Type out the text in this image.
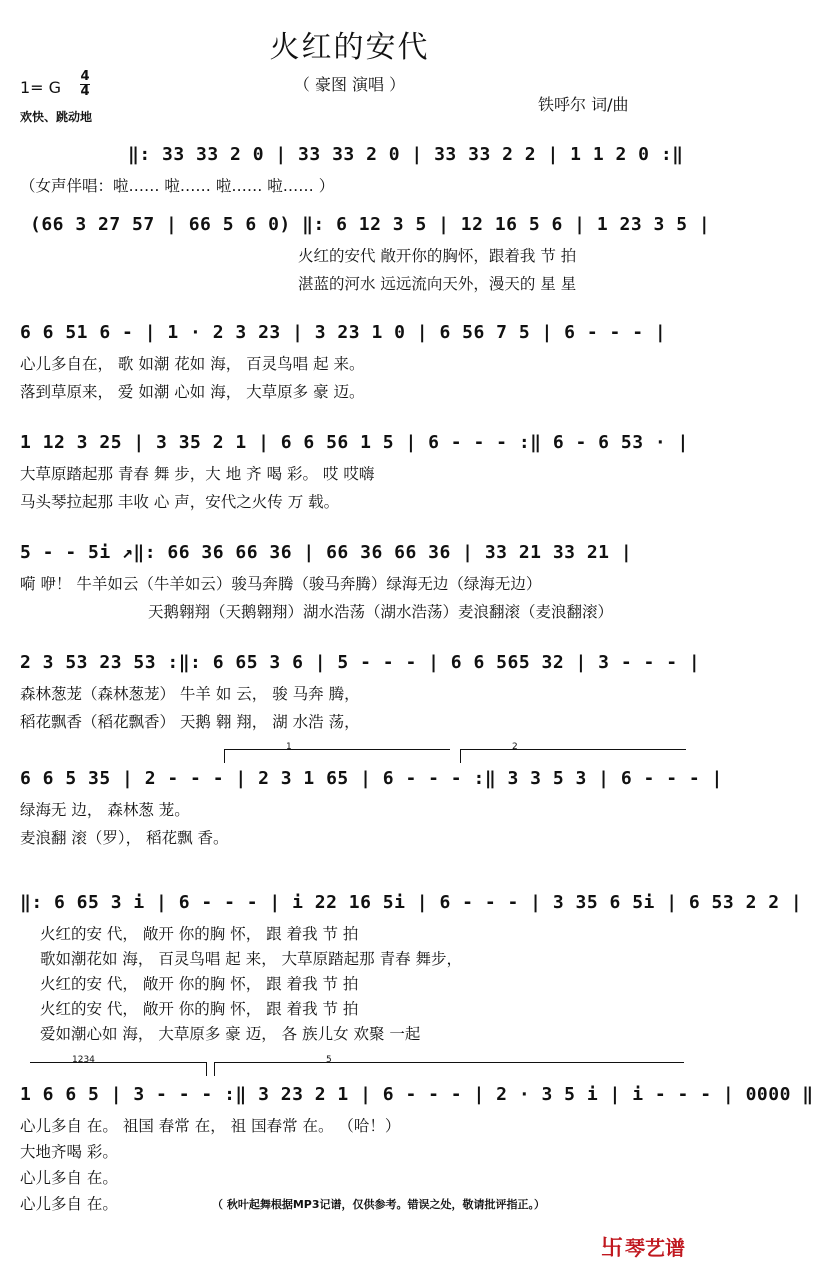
火红的安代
（ 豪图 演唱 ）
1= G
4
4
欢快、跳动地
铁呼尔 词/曲
‖: 33 33 2 0 | 33 33 2 0 | 33 33 2 2 | 1 1 2 0 :‖
（女声伴唱：啦…… 啦…… 啦…… 啦…… ）
(66 3 27 57 | 66 5 6 0) ‖: 6 12 3 5 | 12 16 5 6 | 1 23 3 5 |
火红的安代 敞开你的胸怀，跟着我 节 拍
湛蓝的河水 远远流向天外，漫天的 星 星
6 6 51 6 - | 1 · 2 3 23 | 3 23 1 0 | 6 56 7 5 | 6 - - - |
心儿多自在， 歌 如潮 花如 海， 百灵鸟唱 起 来。
落到草原来， 爱 如潮 心如 海， 大草原多 豪 迈。
1 12 3 25 | 3 35 2 1 | 6 6 56 1 5 | 6 - - - :‖ 6 - 6 53 · |
大草原踏起那 青春 舞 步，大 地 齐 喝 彩。 哎 哎嗨
马头琴拉起那 丰收 心 声，安代之火传 万 载。
5 - - 5i ↗‖: 66 36 66 36 | 66 36 66 36 | 33 21 33 21 |
嗬 咿！ 牛羊如云（牛羊如云）骏马奔腾（骏马奔腾）绿海无边（绿海无边）
天鹅翱翔（天鹅翱翔）湖水浩荡（湖水浩荡）麦浪翻滚（麦浪翻滚）
2 3 53 23 53 :‖: 6 65 3 6 | 5 - - - | 6 6 565 32 | 3 - - - |
森林葱茏（森林葱茏） 牛羊 如 云， 骏 马奔 腾，
稻花飘香（稻花飘香） 天鹅 翱 翔， 湖 水浩 荡，
1	2
6 6 5 35 | 2 - - - | 2 3 1 65 | 6 - - - :‖ 3 3 5 3 | 6 - - - |
绿海无 边， 森林葱 茏。
麦浪翻 滚（罗）， 稻花飘 香。
‖: 6 65 3 i | 6 - - - | i 22 16 5i | 6 - - - | 3 35 6 5i | 6 53 2 2 |
火红的安 代， 敞开 你的胸 怀， 跟 着我 节 拍
歌如潮花如 海， 百灵鸟唱 起 来， 大草原踏起那 青春 舞步，
火红的安 代， 敞开 你的胸 怀， 跟 着我 节 拍
火红的安 代， 敞开 你的胸 怀， 跟 着我 节 拍
爱如潮心如 海， 大草原多 豪 迈， 各 族儿女 欢聚 一起
1234	5
1 6 6 5 | 3 - - - :‖ 3 23 2 1 | 6 - - - | 2 · 3 5 i | i - - - | 0000 ‖
心儿多自 在。 祖国 春常 在， 祖 国春常 在。 （哈！）
大地齐喝 彩。
心儿多自 在。
心儿多自 在。	（ 秋叶起舞根据MP3记谱，仅供参考。错误之处，敬请批评指正。）
卐 琴艺谱
